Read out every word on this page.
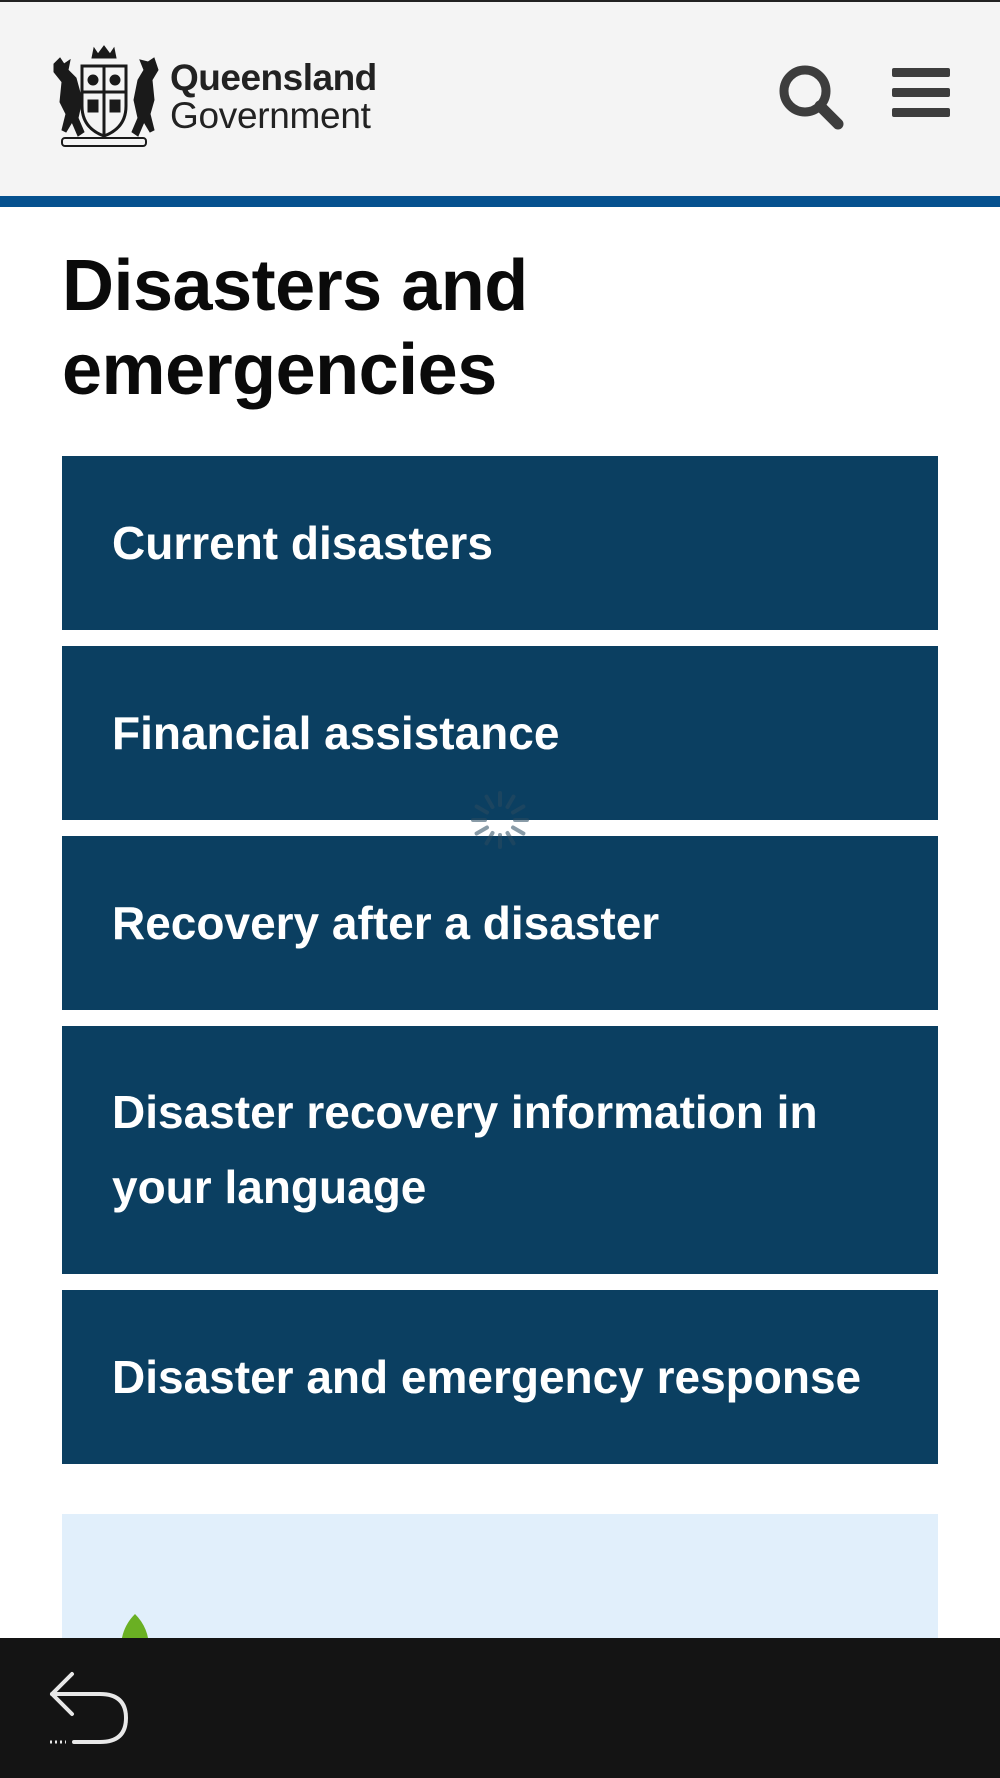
Queensland
Government
Disasters and emergencies
Current disasters
Financial assistance
Recovery after a disaster
Disaster recovery information in your language
Disaster and emergency response
